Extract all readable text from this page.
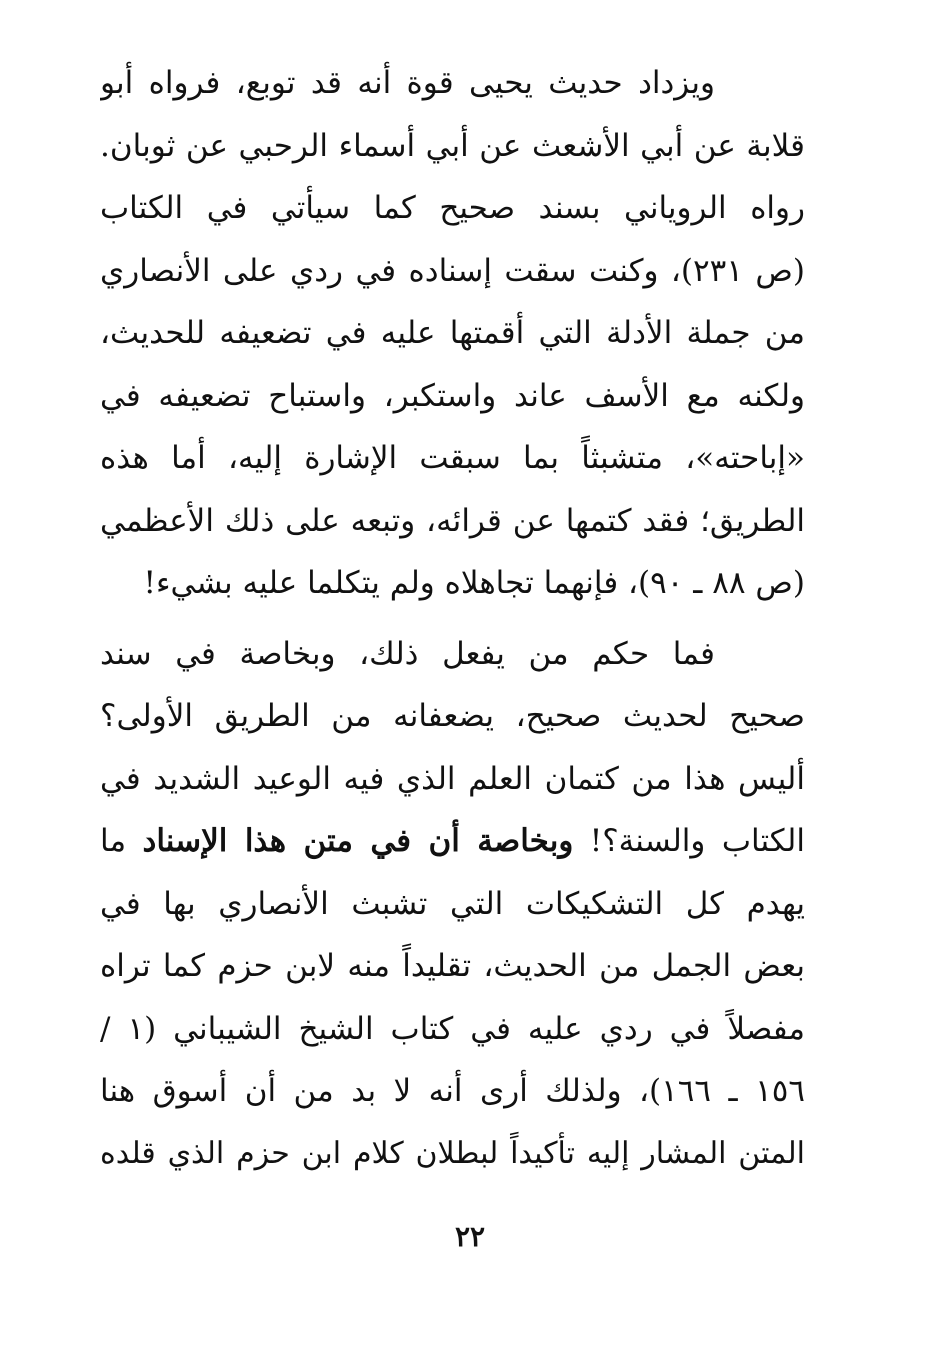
ويزداد حديث يحيى قوة أنه قد توبع، فرواه أبو
قلابة عن أبي الأشعث عن أبي أسماء الرحبي عن ثوبان.
رواه الروياني بسند صحيح كما سيأتي في الكتاب
(ص ٢٣١)، وكنت سقت إسناده في ردي على الأنصاري
من جملة الأدلة التي أقمتها عليه في تضعيفه للحديث،
ولكنه مع الأسف عاند واستكبر، واستباح تضعيفه في
«إباحته»، متشبثاً بما سبقت الإشارة إليه، أما هذه
الطريق؛ فقد كتمها عن قرائه، وتبعه على ذلك الأعظمي
(ص ٨٨ ـ ٩٠)، فإنهما تجاهلاه ولم يتكلما عليه بشيء!
فما حكم من يفعل ذلك، وبخاصة في سند
صحيح لحديث صحيح، يضعفانه من الطريق الأولى؟
أليس هذا من كتمان العلم الذي فيه الوعيد الشديد في
الكتاب والسنة؟! وبخاصة أن في متن هذا الإسناد ما
يهدم كل التشكيكات التي تشبث الأنصاري بها في
بعض الجمل من الحديث، تقليداً منه لابن حزم كما تراه
مفصلاً في ردي عليه في كتاب الشيخ الشيباني (١ /
١٥٦ ـ ١٦٦)، ولذلك أرى أنه لا بد من أن أسوق هنا
المتن المشار إليه تأكيداً لبطلان كلام ابن حزم الذي قلده
٢٢
